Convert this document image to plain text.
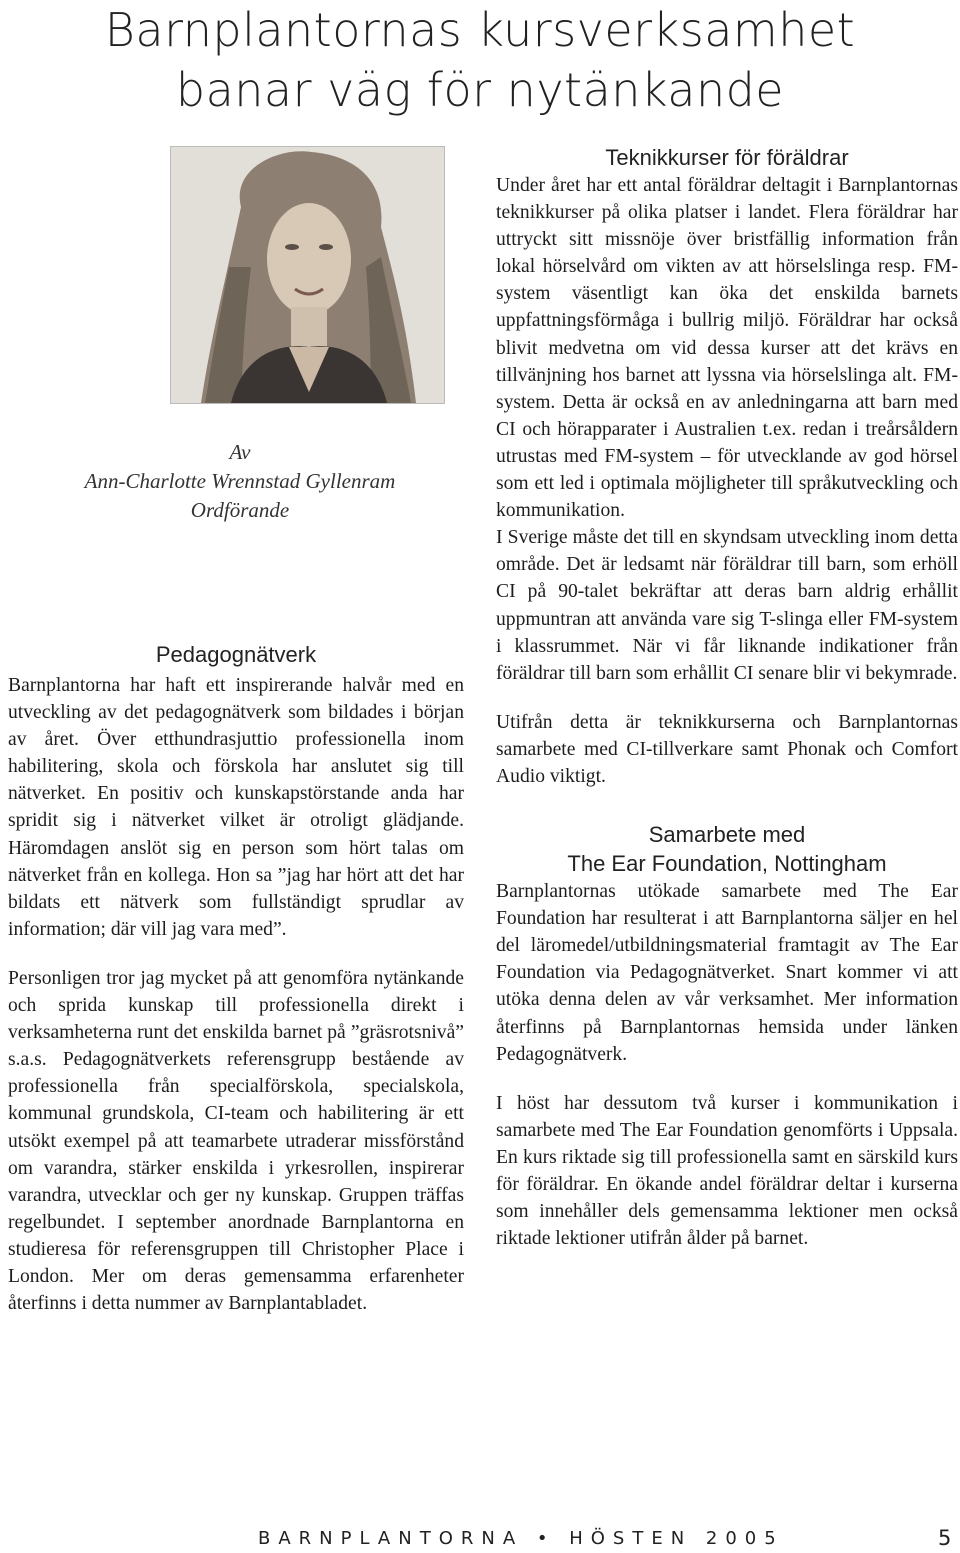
Barnplantornas kursverksamhet
banar väg för nytänkande
Av
Ann-Charlotte Wrennstad Gyllenram
Ordförande
Pedagognätverk

Barnplantorna har haft ett inspirerande halvår med en utveckling av det pedagognätverk som bildades i början av året. Över etthundrasjuttio professionella inom habilitering, skola och förskola har anslutet sig till nätverket. En positiv och kunskapstörstande anda har spridit sig i nätverket vilket är otroligt glädjande. Häromdagen anslöt sig en person som hört talas om nätverket från en kollega. Hon sa ”jag har hört att det har bildats ett nätverk som fullständigt sprudlar av information; där vill jag vara med”.

Personligen tror jag mycket på att genomföra nytänkande och sprida kunskap till professionella direkt i verksamheterna runt det enskilda barnet på ”gräsrotsnivå” s.a.s. Pedagognätverkets referensgrupp bestående av professionella från specialförskola, specialskola, kommunal grundskola, CI-team och habilitering är ett utsökt exempel på att teamarbete utraderar missförstånd om varandra, stärker enskilda i yrkesrollen, inspirerar varandra, utvecklar och ger ny kunskap. Gruppen träffas regelbundet. I september anordnade Barnplantorna en studieresa för referensgruppen till Christopher Place i London. Mer om deras gemensamma erfarenheter återfinns i detta nummer av Barnplantabladet.

Teknikkurser för föräldrar

Under året har ett antal föräldrar deltagit i Barnplantornas teknikkurser på olika platser i landet. Flera föräldrar har uttryckt sitt missnöje över bristfällig information från lokal hörselvård om vikten av att hörselslinga resp. FM-system väsentligt kan öka det enskilda barnets uppfattningsförmåga i bullrig miljö. Föräldrar har också blivit medvetna om vid dessa kurser att det krävs en tillvänjning hos barnet att lyssna via hörselslinga alt. FM-system. Detta är också en av anledningarna att barn med CI och hörapparater i Australien t.ex. redan i treårsåldern utrustas med FM-system – för utvecklande av god hörsel som ett led i optimala möjligheter till språkutveckling och kommunikation.

I Sverige måste det till en skyndsam utveckling inom detta område. Det är ledsamt när föräldrar till barn, som erhöll CI på 90-talet bekräftar att deras barn aldrig erhållit uppmuntran att använda vare sig T-slinga eller FM-system i klassrummet. När vi får liknande indikationer från föräldrar till barn som erhållit CI senare blir vi bekymrade.

Utifrån detta är teknikkurserna och Barnplantornas samarbete med CI-tillverkare samt Phonak och Comfort Audio viktigt.

Samarbete med
The Ear Foundation, Nottingham

Barnplantornas utökade samarbete med The Ear Foundation har resulterat i att Barnplantorna säljer en hel del läromedel/utbildningsmaterial framtagit av The Ear Foundation via Pedagognätverket. Snart kommer vi att utöka denna delen av vår verksamhet. Mer information återfinns på Barnplantornas hemsida under länken Pedagognätverk.

I höst har dessutom två kurser i kommunikation i samarbete med The Ear Foundation genomförts i Uppsala. En kurs riktade sig till professionella samt en särskild kurs för föräldrar. En ökande andel föräldrar deltar i kurserna som innehåller dels gemensamma lektioner men också riktade lektioner utifrån ålder på barnet.

BARNPLANTORNA • HÖSTEN 2005	5
